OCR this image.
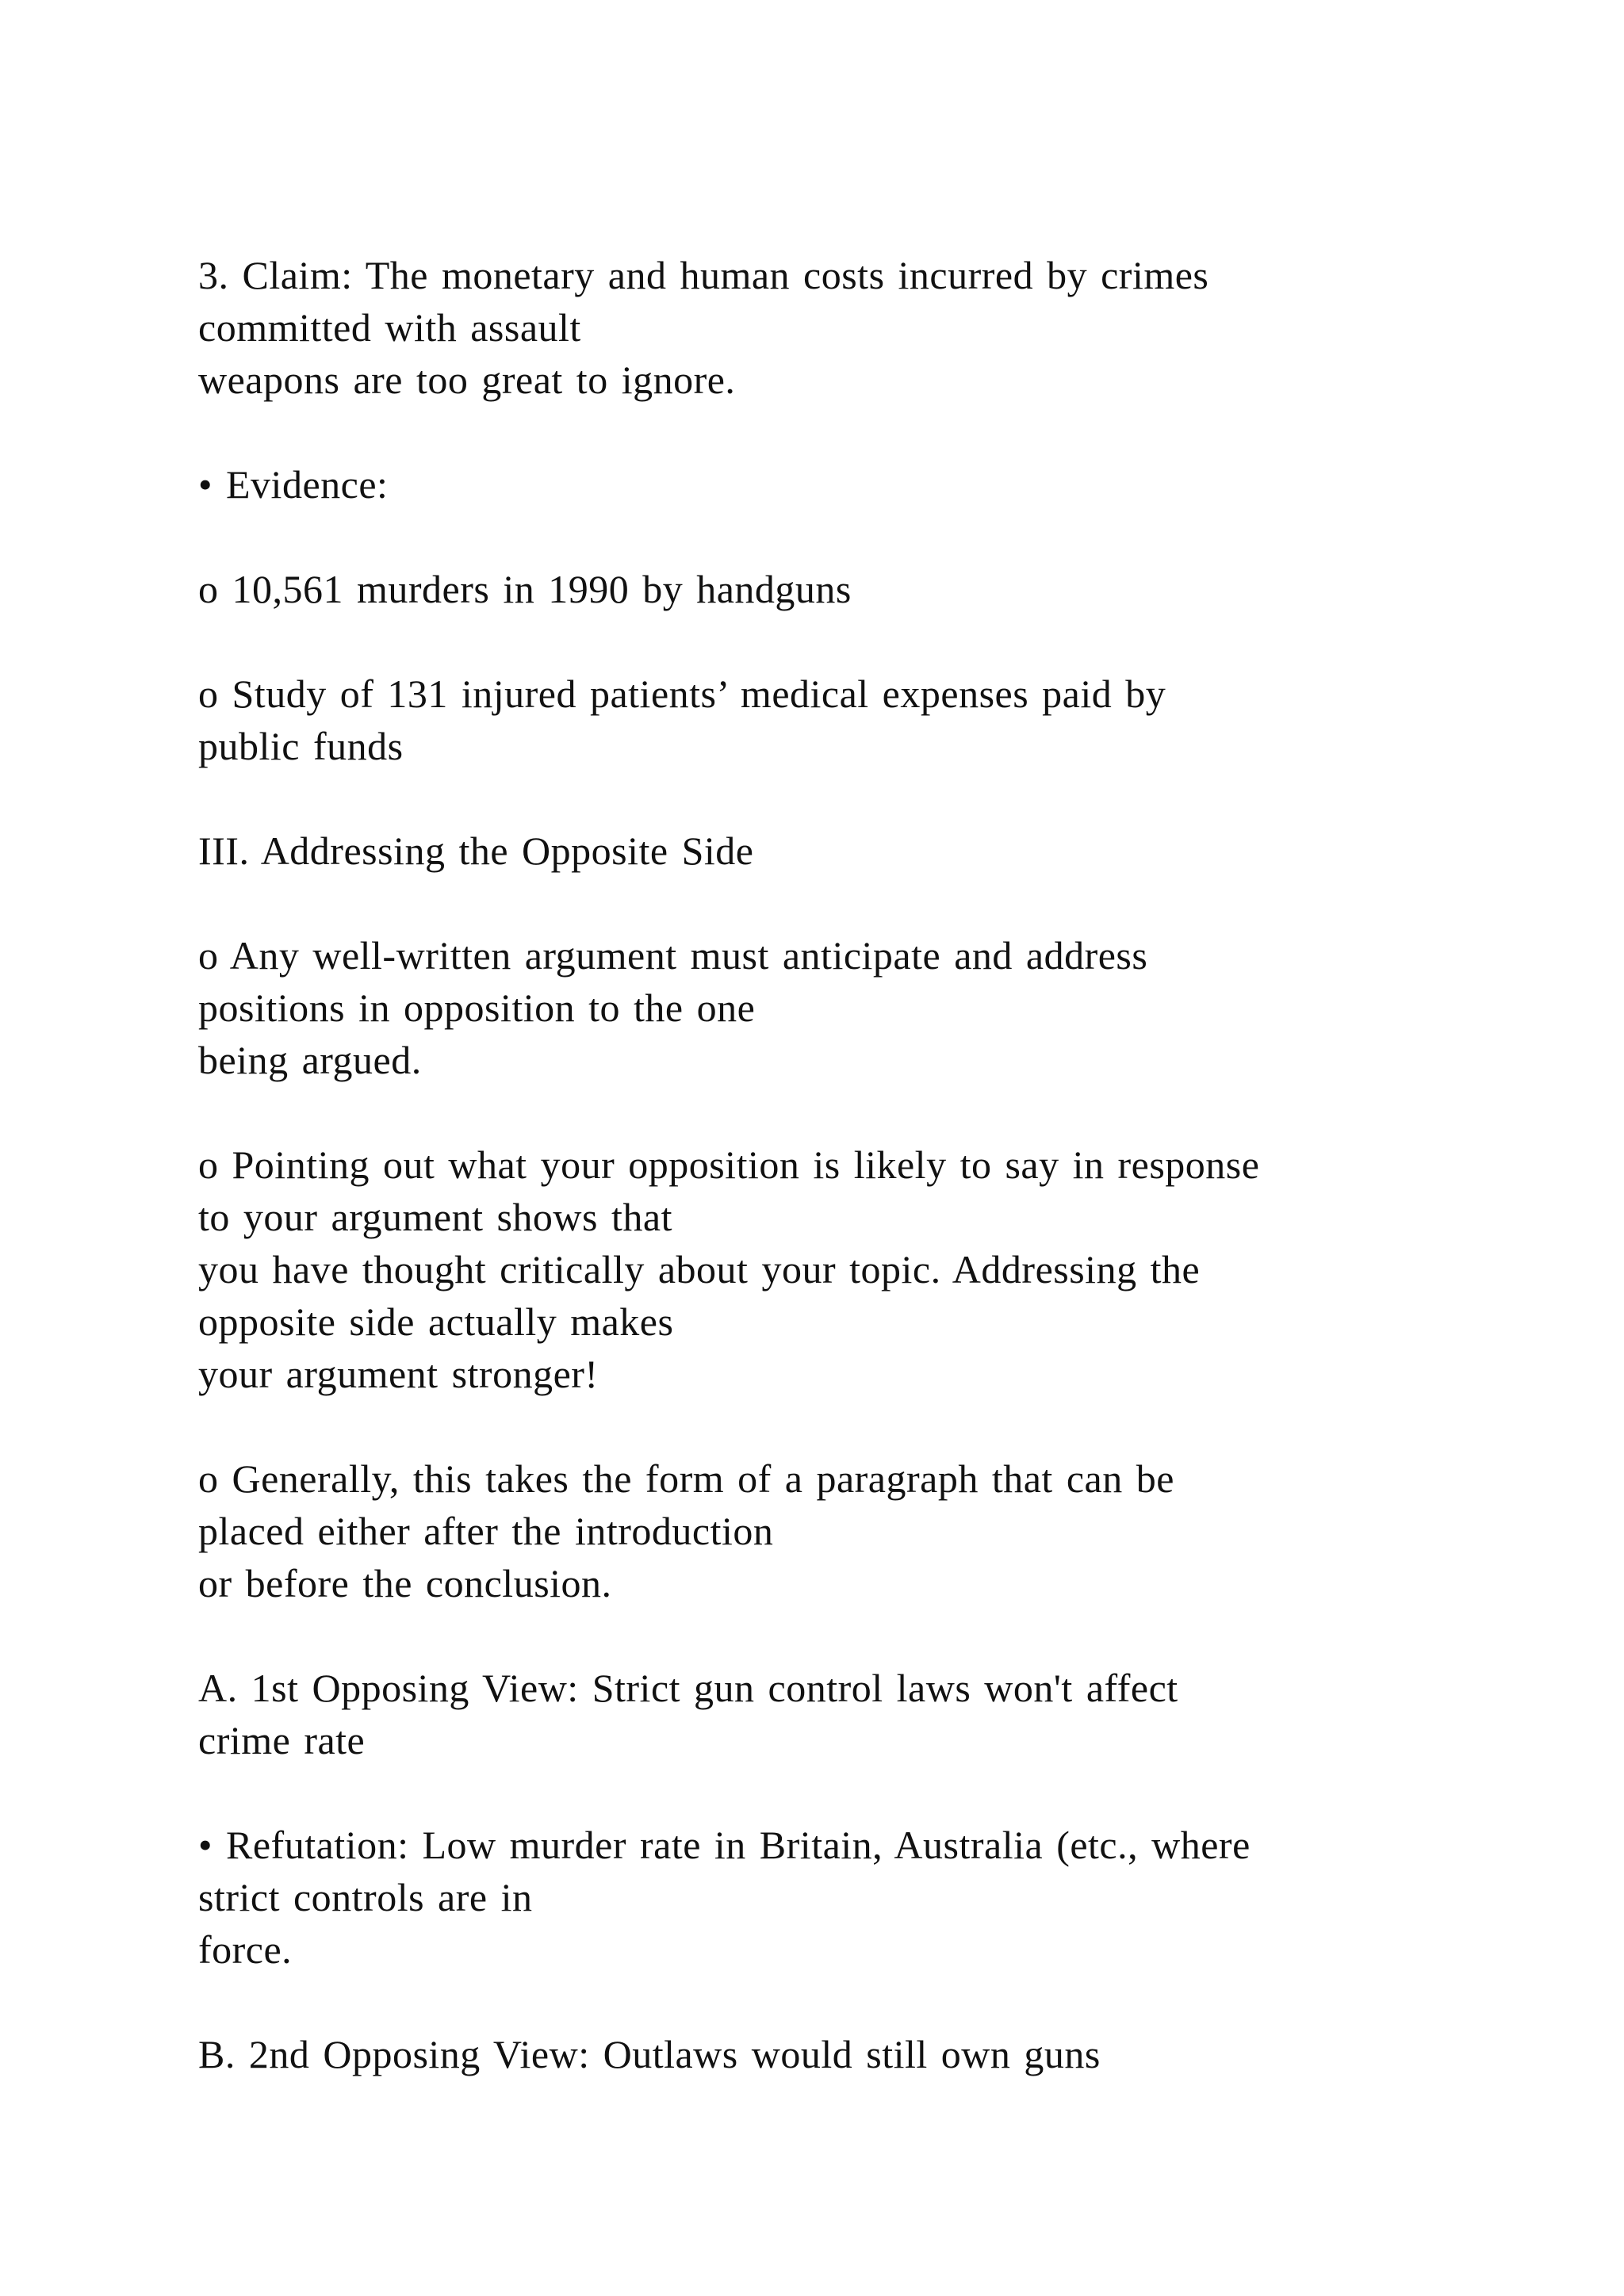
3. Claim: The monetary and human costs incurred by crimes
committed with assault
weapons are too great to ignore.
• Evidence:
o 10,561 murders in 1990 by handguns
o Study of 131 injured patients’ medical expenses paid by
public funds
III. Addressing the Opposite Side
o Any well-written argument must anticipate and address
positions in opposition to the one
being argued.
o Pointing out what your opposition is likely to say in response
to your argument shows that
you have thought critically about your topic. Addressing the
opposite side actually makes
your argument stronger!
o Generally, this takes the form of a paragraph that can be
placed either after the introduction
or before the conclusion.
A. 1st Opposing View: Strict gun control laws won't affect
crime rate
• Refutation: Low murder rate in Britain, Australia (etc., where
strict controls are in
force.
B. 2nd Opposing View: Outlaws would still own guns
